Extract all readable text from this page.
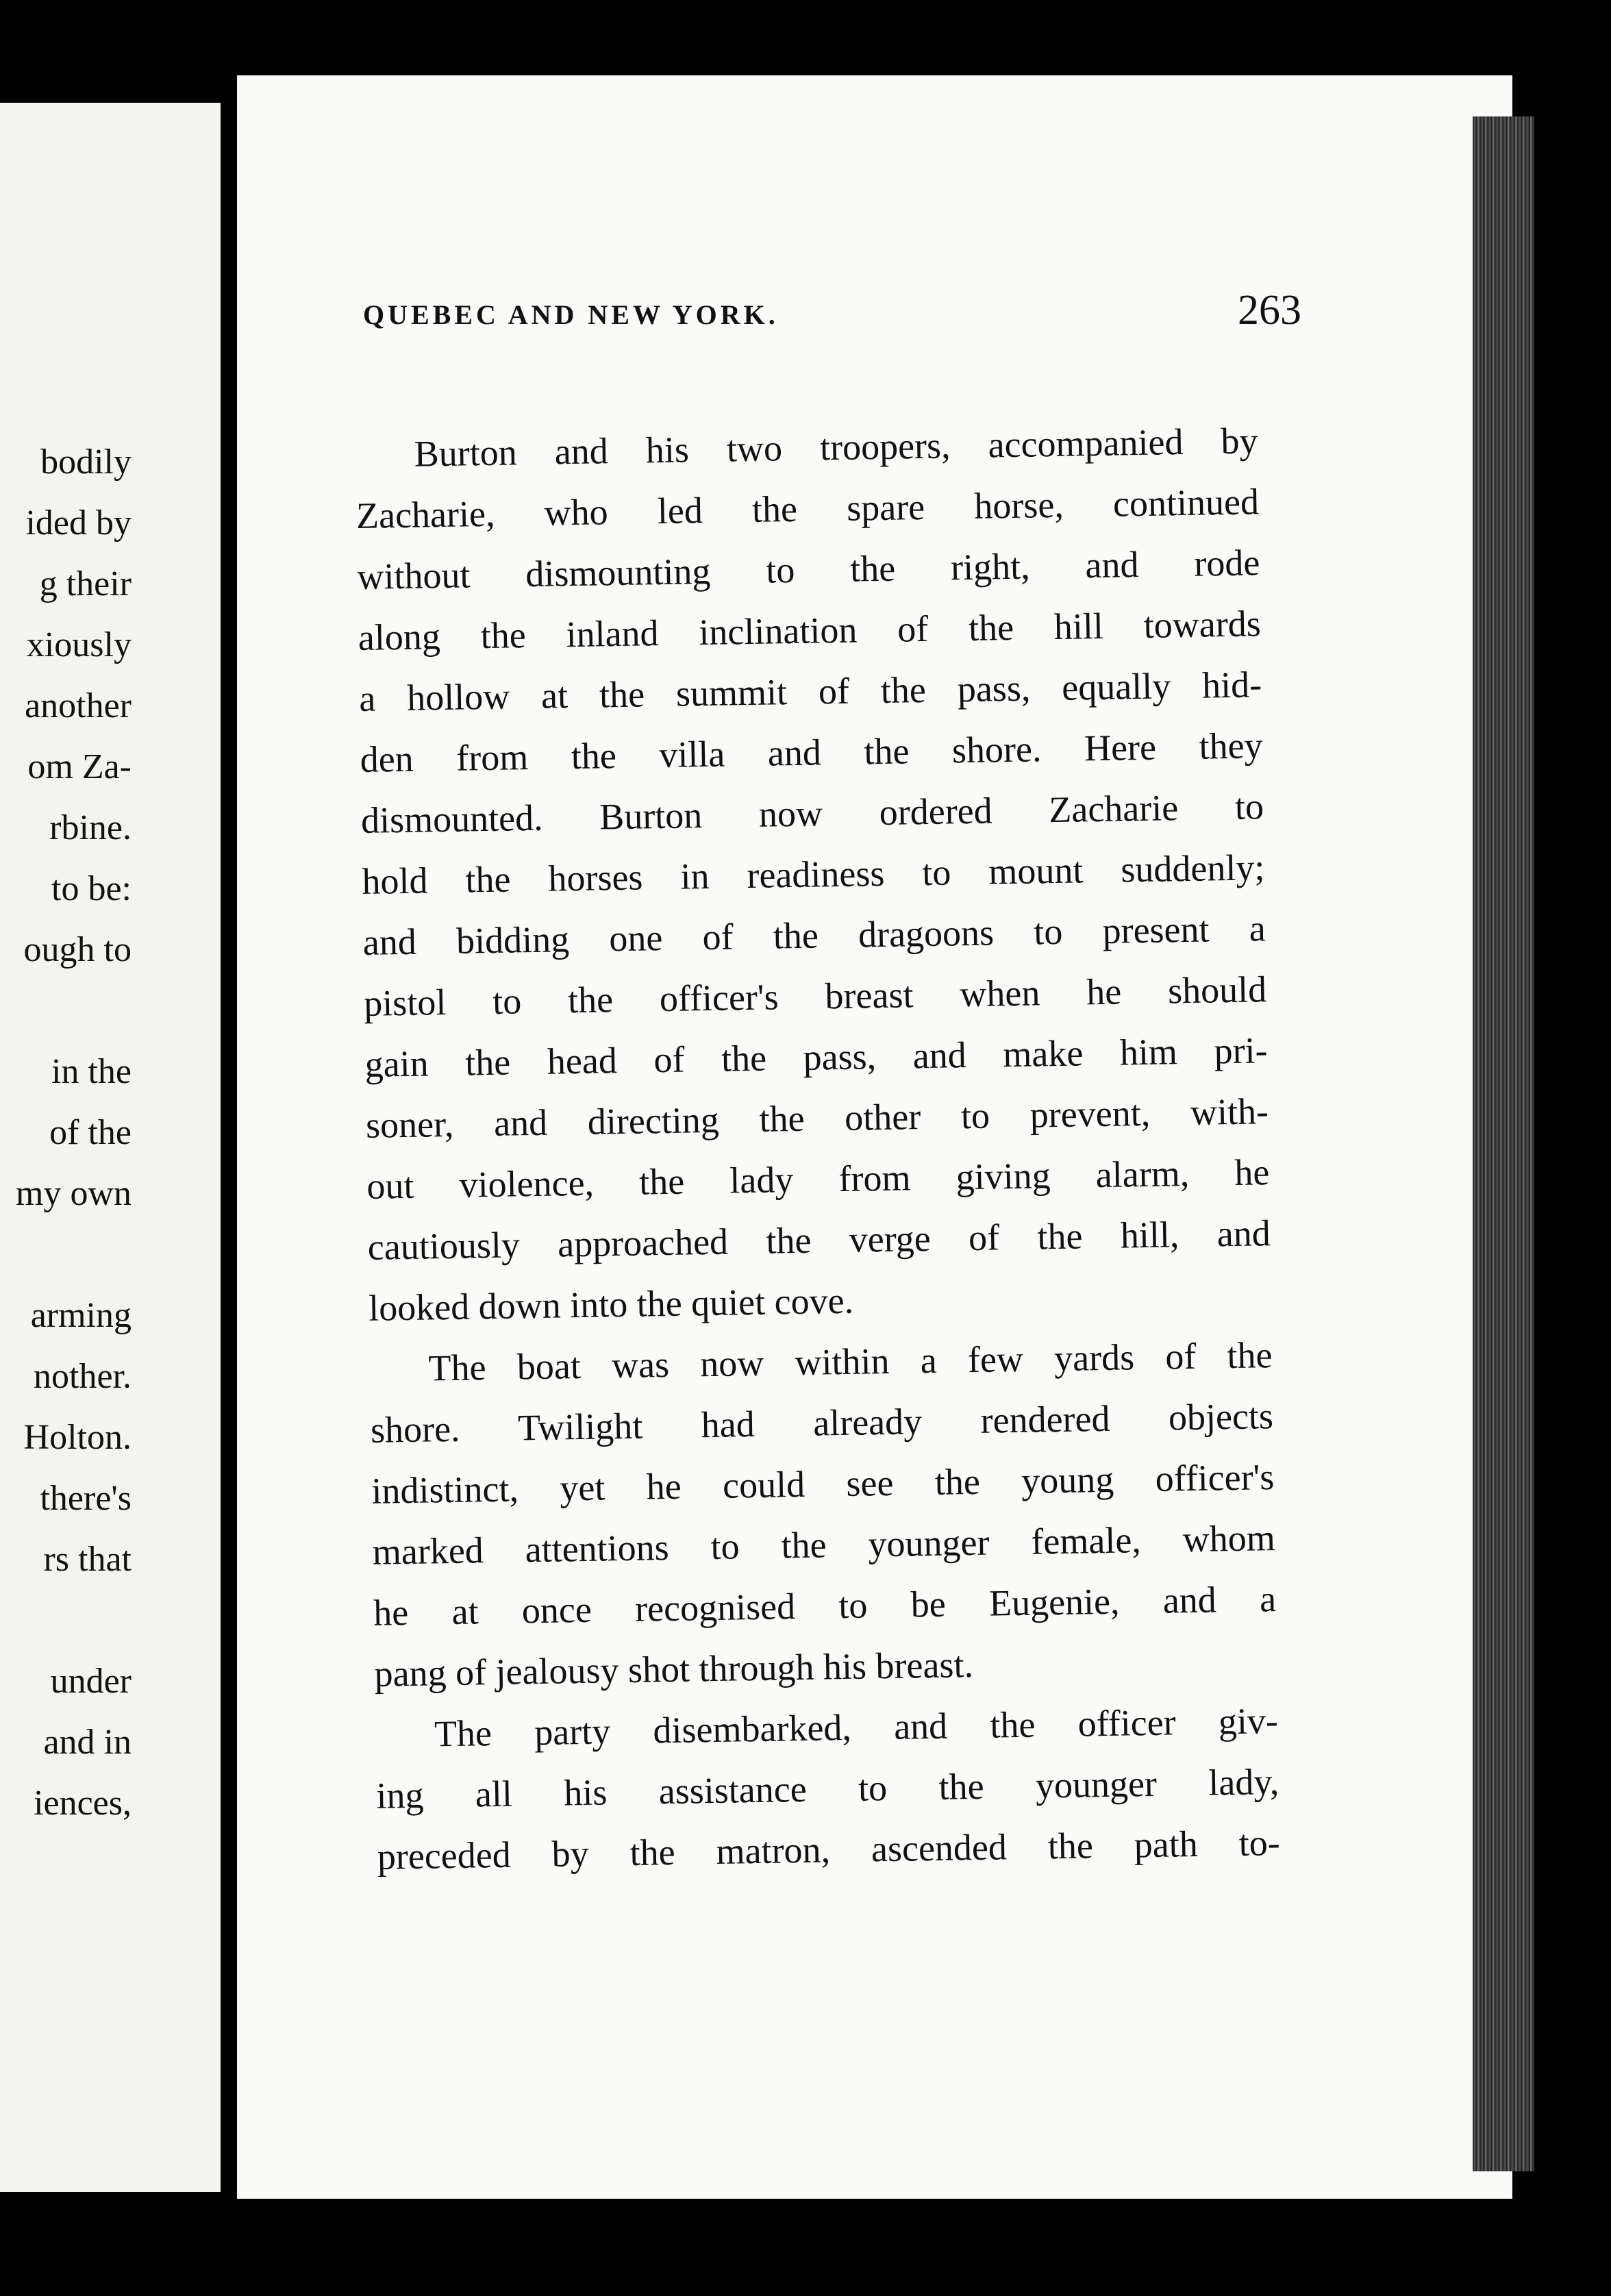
bodily
ided by
g their
xiously
another
om Za-
rbine.
to be:
ough to
in the
of the
my own
arming
nother.
Holton.
there's
rs that
under
and in
iences,
QUEBEC AND NEW YORK.	263

Burton and his two troopers, accompanied by
Zacharie, who led the spare horse, continued
without dismounting to the right, and rode
along the inland inclination of the hill towards
a hollow at the summit of the pass, equally hid-
den from the villa and the shore. Here they
dismounted. Burton now ordered Zacharie to
hold the horses in readiness to mount suddenly;
and bidding one of the dragoons to present a
pistol to the officer's breast when he should
gain the head of the pass, and make him pri-
soner, and directing the other to prevent, with-
out violence, the lady from giving alarm, he
cautiously approached the verge of the hill, and
looked down into the quiet cove.

The boat was now within a few yards of the
shore. Twilight had already rendered objects
indistinct, yet he could see the young officer's
marked attentions to the younger female, whom
he at once recognised to be Eugenie, and a
pang of jealousy shot through his breast.

The party disembarked, and the officer giv-
ing all his assistance to the younger lady,
preceded by the matron, ascended the path to-
